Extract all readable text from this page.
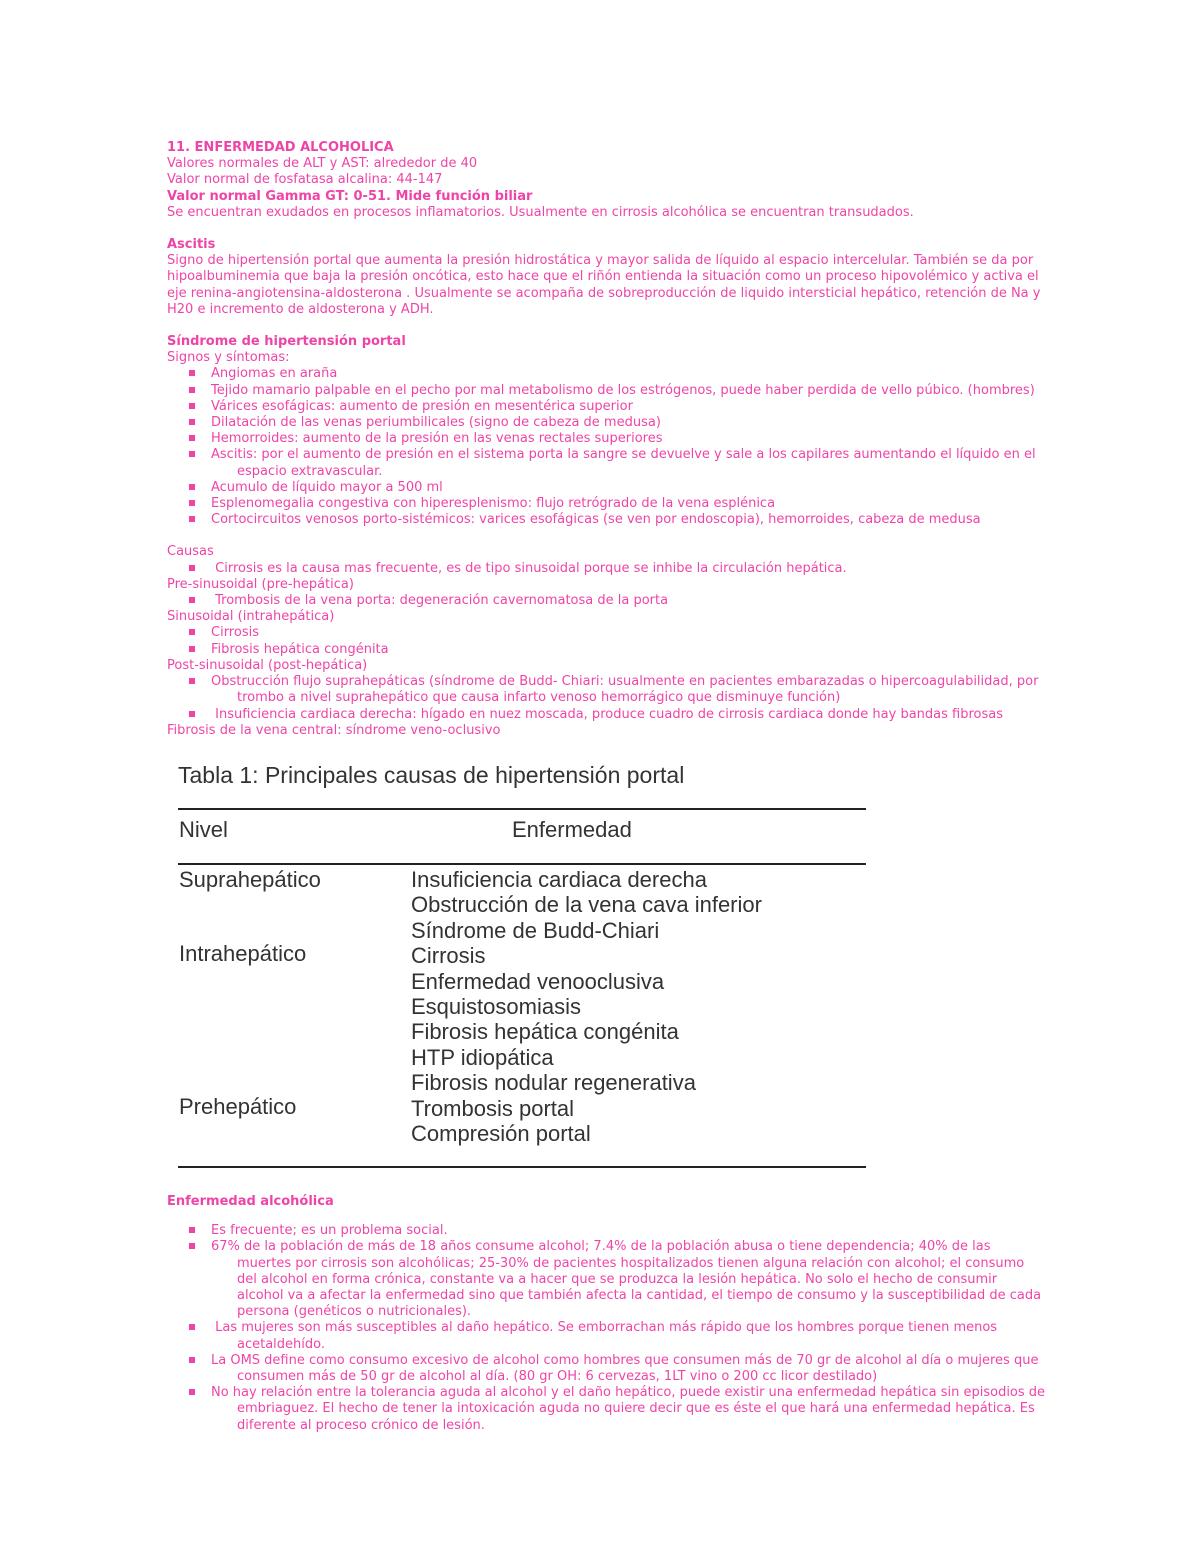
11. ENFERMEDAD ALCOHOLICA

Valores normales de ALT y AST: alrededor de 40

Valor normal de fosfatasa alcalina: 44-147

Valor normal Gamma GT: 0-51. Mide función biliar

Se encuentran exudados en procesos inflamatorios. Usualmente en cirrosis alcohólica se encuentran transudados.

Ascitis

Signo de hipertensión portal que aumenta la presión hidrostática y mayor salida de líquido al espacio intercelular. También se da por hipoalbuminemia que baja la presión oncótica, esto hace que el riñón entienda la situación como un proceso hipovolémico y activa el eje renina-angiotensina-aldosterona . Usualmente se acompaña de sobreproducción de liquido intersticial hepático, retención de Na y H20 e incremento de aldosterona y ADH.

Síndrome de hipertensión portal

Signos y síntomas:

Angiomas en araña
Tejido mamario palpable en el pecho por mal metabolismo de los estrógenos, puede haber perdida de vello púbico. (hombres)
Várices esofágicas: aumento de presión en mesentérica superior
Dilatación de las venas periumbilicales (signo de cabeza de medusa)
Hemorroides: aumento de la presión en las venas rectales superiores
Ascitis: por el aumento de presión en el sistema porta la sangre se devuelve y sale a los capilares aumentando el líquido en el espacio extravascular.
Acumulo de líquido mayor a 500 ml
Esplenomegalia congestiva con hiperesplenismo: flujo retrógrado de la vena esplénica
Cortocircuitos venosos porto-sistémicos: varices esofágicas (se ven por endoscopia), hemorroides, cabeza de medusa

Causas

Cirrosis es la causa mas frecuente, es de tipo sinusoidal porque se inhibe la circulación hepática.

Pre-sinusoidal (pre-hepática)

Trombosis de la vena porta: degeneración cavernomatosa de la porta

Sinusoidal (intrahepática)

Cirrosis
Fibrosis hepática congénita

Post-sinusoidal (post-hepática)

Obstrucción flujo suprahepáticas (síndrome de Budd- Chiari: usualmente en pacientes embarazadas o hipercoagulabilidad, por trombo a nivel suprahepático que causa infarto venoso hemorrágico que disminuye función)
Insuficiencia cardiaca derecha: hígado en nuez moscada, produce cuadro de cirrosis cardiaca donde hay bandas fibrosas

Fibrosis de la vena central: síndrome veno-oclusivo

Tabla 1: Principales causas de hipertensión portal
Nivel	Enfermedad
Suprahepático
Intrahepático
Prehepático
Insuficiencia cardiaca derecha
Obstrucción de la vena cava inferior
Síndrome de Budd-Chiari
Cirrosis
Enfermedad venooclusiva
Esquistosomiasis
Fibrosis hepática congénita
HTP idiopática
Fibrosis nodular regenerativa
Trombosis portal
Compresión portal

Enfermedad alcohólica

Es frecuente; es un problema social.
67% de la población de más de 18 años consume alcohol; 7.4% de la población abusa o tiene dependencia; 40% de las muertes por cirrosis son alcohólicas; 25-30% de pacientes hospitalizados tienen alguna relación con alcohol; el consumo del alcohol en forma crónica, constante va a hacer que se produzca la lesión hepática. No solo el hecho de consumir alcohol va a afectar la enfermedad sino que también afecta la cantidad, el tiempo de consumo y la susceptibilidad de cada persona (genéticos o nutricionales).
Las mujeres son más susceptibles al daño hepático. Se emborrachan más rápido que los hombres porque tienen menos acetaldehído.
La OMS define como consumo excesivo de alcohol como hombres que consumen más de 70 gr de alcohol al día o mujeres que consumen más de 50 gr de alcohol al día. (80 gr OH: 6 cervezas, 1LT vino o 200 cc licor destilado)
No hay relación entre la tolerancia aguda al alcohol y el daño hepático, puede existir una enfermedad hepática sin episodios de embriaguez. El hecho de tener la intoxicación aguda no quiere decir que es éste el que hará una enfermedad hepática. Es diferente al proceso crónico de lesión.
